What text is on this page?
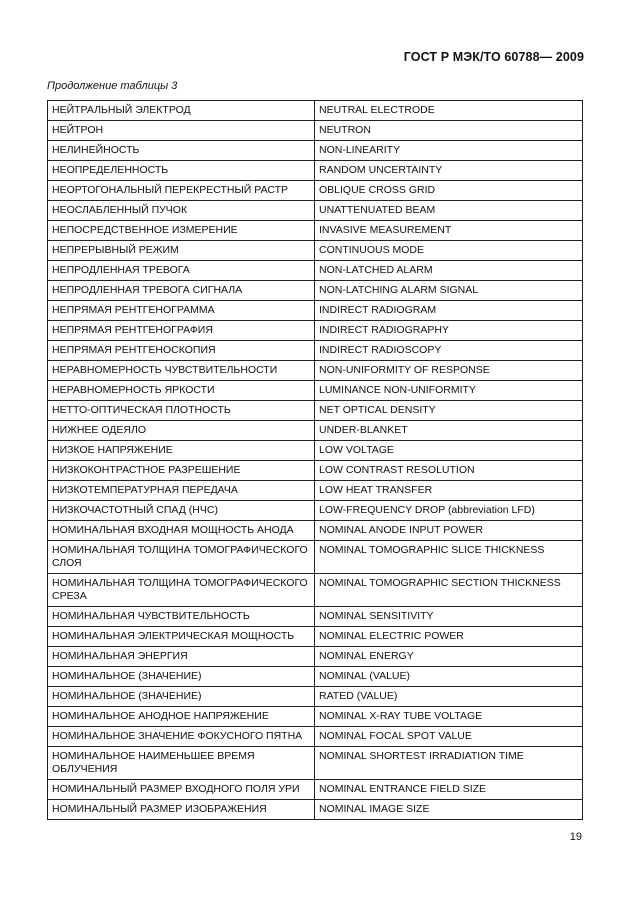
ГОСТ Р МЭК/ТО 60788— 2009
Продолжение таблицы 3
НЕЙТРАЛЬНЫЙ ЭЛЕКТРОД	NEUTRAL ELECTRODE
НЕЙТРОН	NEUTRON
НЕЛИНЕЙНОСТЬ	NON-LINEARITY
НЕОПРЕДЕЛЕННОСТЬ	RANDOM UNCERTAINTY
НЕОРТОГОНАЛЬНЫЙ ПЕРЕКРЕСТНЫЙ РАСТР	OBLIQUE CROSS GRID
НЕОСЛАБЛЕННЫЙ ПУЧОК	UNATTENUATED BEAM
НЕПОСРЕДСТВЕННОЕ ИЗМЕРЕНИЕ	INVASIVE MEASUREMENT
НЕПРЕРЫВНЫЙ РЕЖИМ	CONTINUOUS MODE
НЕПРОДЛЕННАЯ ТРЕВОГА	NON-LATCHED ALARM
НЕПРОДЛЕННАЯ ТРЕВОГА СИГНАЛА	NON-LATCHING ALARM SIGNAL
НЕПРЯМАЯ РЕНТГЕНОГРАММА	INDIRECT RADIOGRAM
НЕПРЯМАЯ РЕНТГЕНОГРАФИЯ	INDIRECT RADIOGRAPHY
НЕПРЯМАЯ РЕНТГЕНОСКОПИЯ	INDIRECT RADIOSCOPY
НЕРАВНОМЕРНОСТЬ ЧУВСТВИТЕЛЬНОСТИ	NON-UNIFORMITY OF RESPONSE
НЕРАВНОМЕРНОСТЬ ЯРКОСТИ	LUMINANCE NON-UNIFORMITY
НЕТТО-ОПТИЧЕСКАЯ ПЛОТНОСТЬ	NET OPTICAL DENSITY
НИЖНЕЕ ОДЕЯЛО	UNDER-BLANKET
НИЗКОЕ НАПРЯЖЕНИЕ	LOW VOLTAGE
НИЗКОКОНТРАСТНОЕ РАЗРЕШЕНИЕ	LOW CONTRAST RESOLUTION
НИЗКОТЕМПЕРАТУРНАЯ ПЕРЕДАЧА	LOW HEAT TRANSFER
НИЗКОЧАСТОТНЫЙ СПАД (НЧС)	LOW-FREQUENCY DROP (abbreviation LFD)
НОМИНАЛЬНАЯ ВХОДНАЯ МОЩНОСТЬ АНОДА	NOMINAL ANODE INPUT POWER
НОМИНАЛЬНАЯ ТОЛЩИНА ТОМОГРАФИЧЕСКОГО СЛОЯ	NOMINAL TOMOGRAPHIC SLICE THICKNESS
НОМИНАЛЬНАЯ ТОЛЩИНА ТОМОГРАФИЧЕСКОГО СРЕЗА	NOMINAL TOMOGRAPHIC SECTION THICKNESS
НОМИНАЛЬНАЯ ЧУВСТВИТЕЛЬНОСТЬ	NOMINAL SENSITIVITY
НОМИНАЛЬНАЯ ЭЛЕКТРИЧЕСКАЯ МОЩНОСТЬ	NOMINAL ELECTRIC POWER
НОМИНАЛЬНАЯ ЭНЕРГИЯ	NOMINAL ENERGY
НОМИНАЛЬНОЕ (ЗНАЧЕНИЕ)	NOMINAL (VALUE)
НОМИНАЛЬНОЕ (ЗНАЧЕНИЕ)	RATED (VALUE)
НОМИНАЛЬНОЕ АНОДНОЕ НАПРЯЖЕНИЕ	NOMINAL X-RAY TUBE VOLTAGE
НОМИНАЛЬНОЕ ЗНАЧЕНИЕ ФОКУСНОГО ПЯТНА	NOMINAL FOCAL SPOT VALUE
НОМИНАЛЬНОЕ НАИМЕНЬШЕЕ ВРЕМЯ ОБЛУЧЕНИЯ	NOMINAL SHORTEST IRRADIATION TIME
НОМИНАЛЬНЫЙ РАЗМЕР ВХОДНОГО ПОЛЯ УРИ	NOMINAL ENTRANCE FIELD SIZE
НОМИНАЛЬНЫЙ РАЗМЕР ИЗОБРАЖЕНИЯ	NOMINAL IMAGE SIZE
19
